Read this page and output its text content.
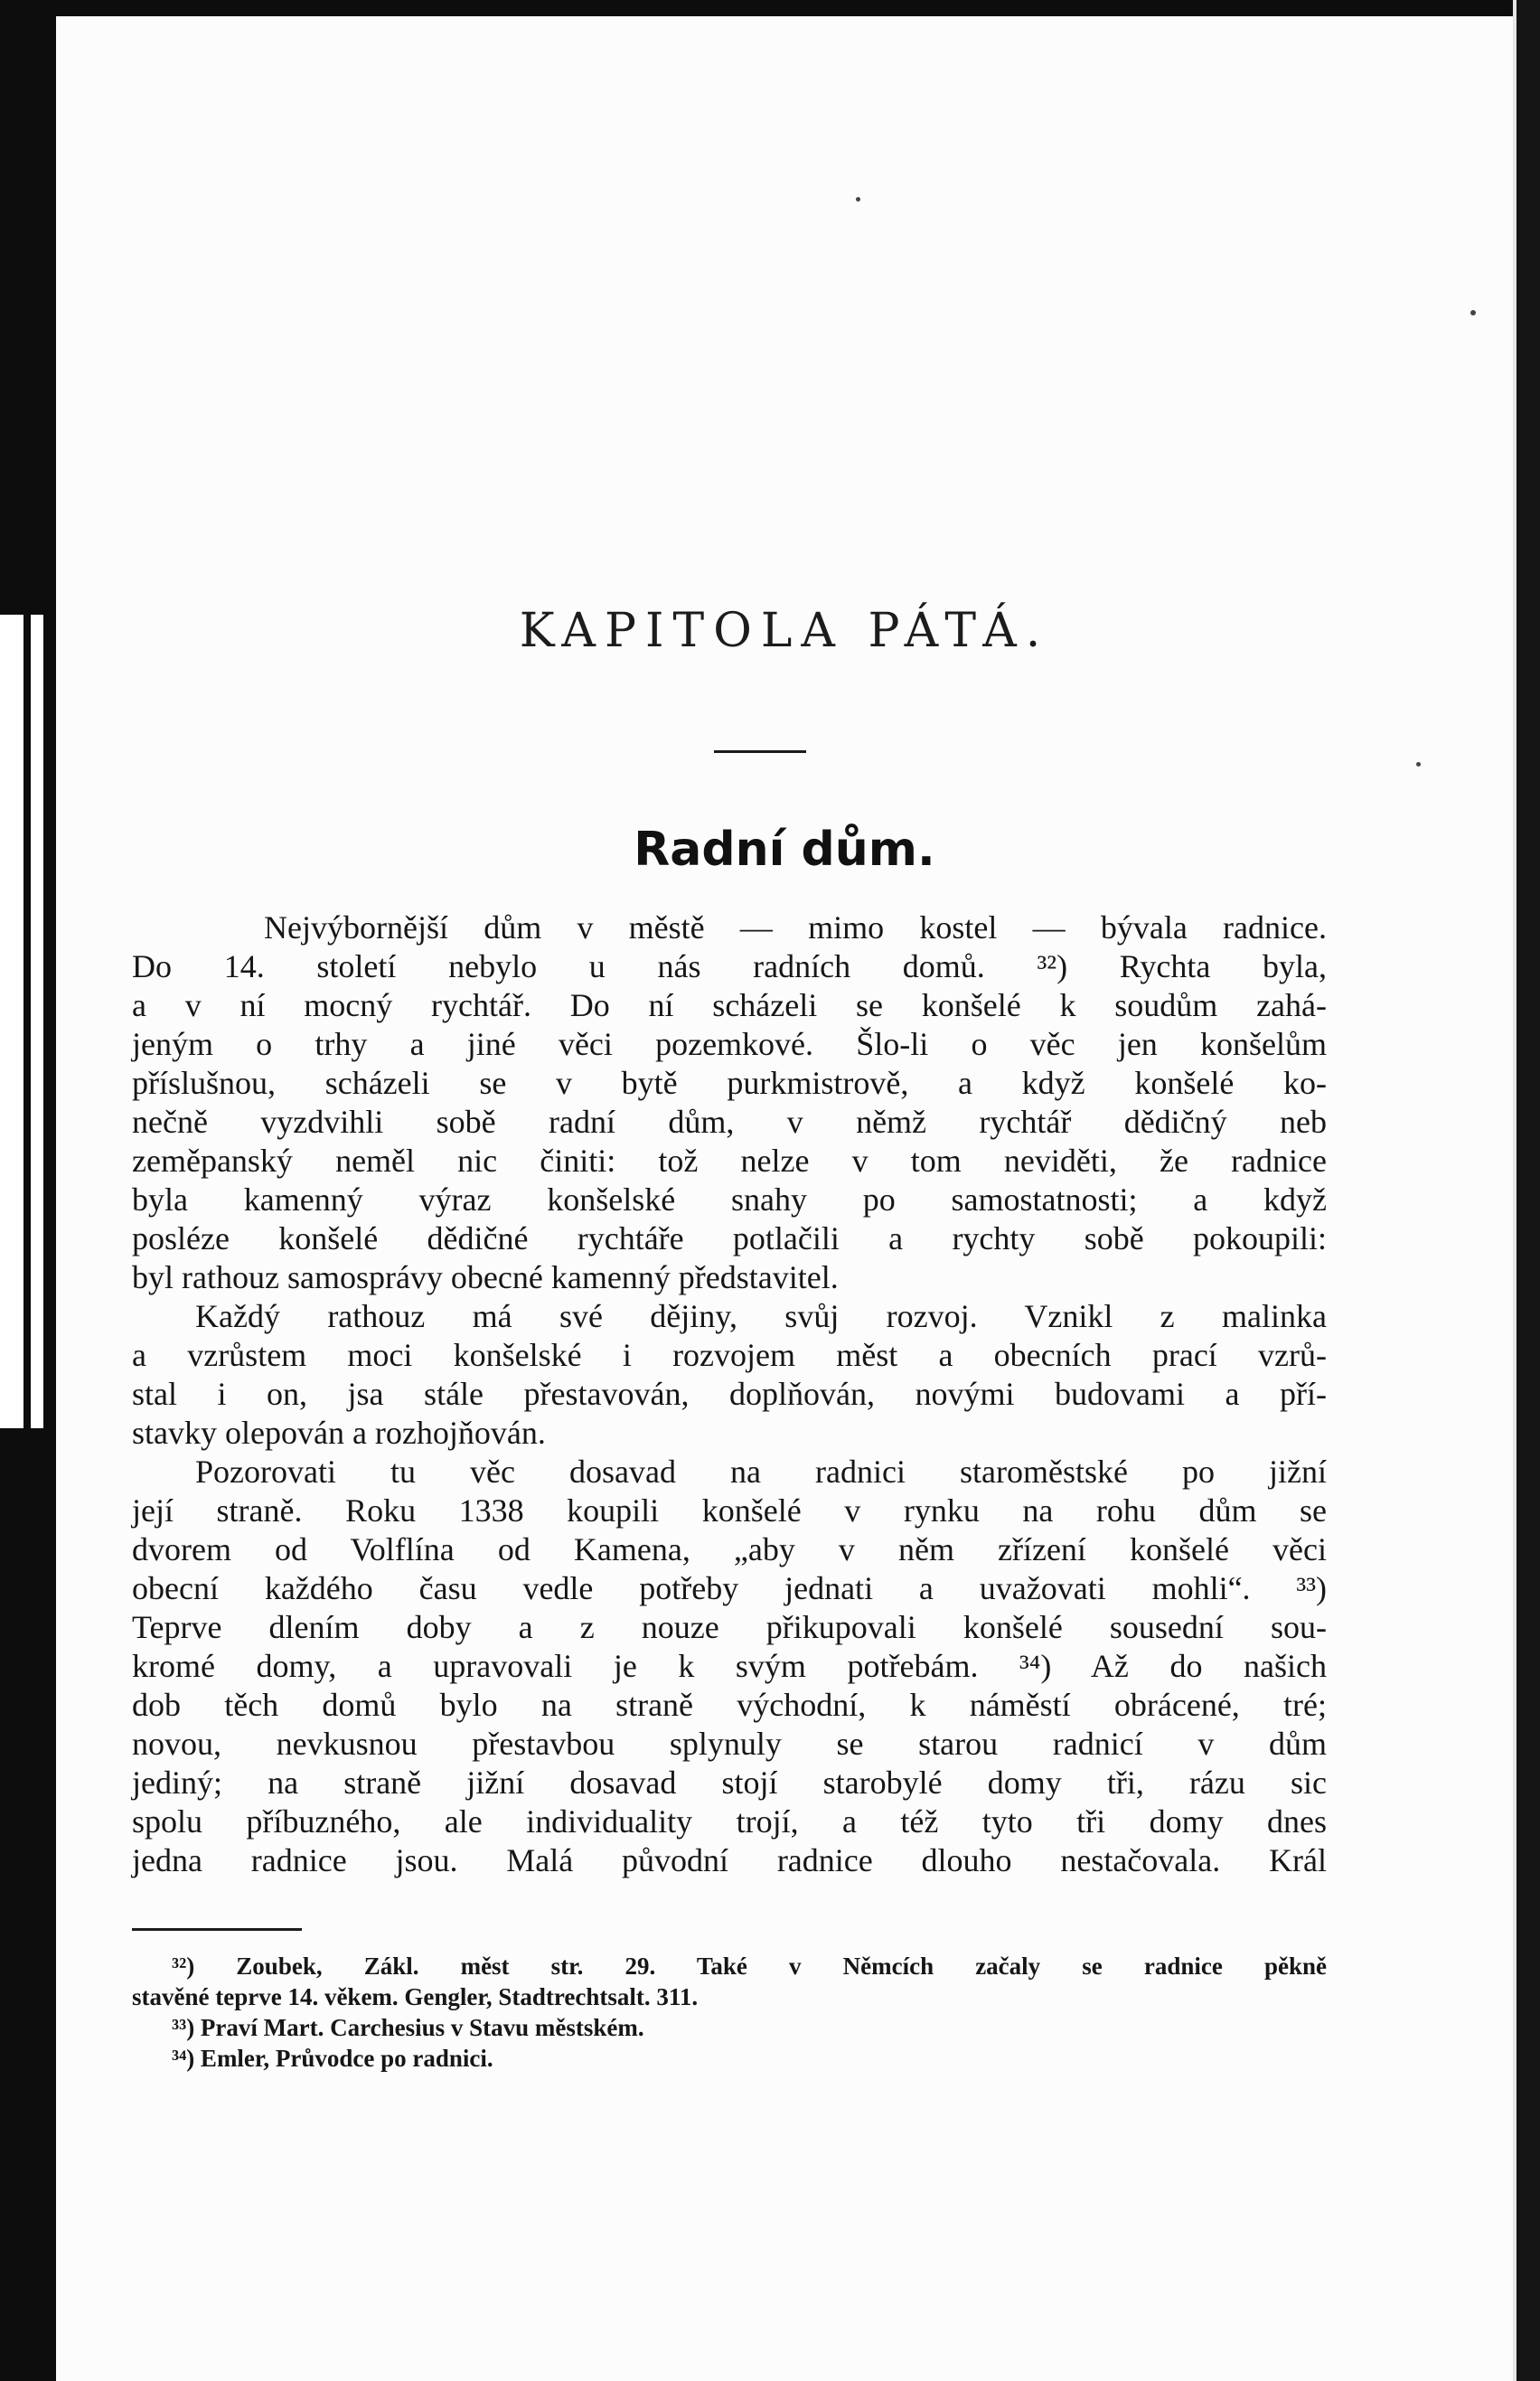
KAPITOLA PÁTÁ.
Radní dům.

Nejvýbornější dům v městě — mimo kostel — bývala radnice.
Do 14. století nebylo u nás radních domů. ³²) Rychta byla,
a v ní mocný rychtář. Do ní scházeli se konšelé k soudům zahá-
jeným o trhy a jiné věci pozemkové. Šlo-li o věc jen konšelům
příslušnou, scházeli se v bytě purkmistrově, a když konšelé ko-
nečně vyzdvihli sobě radní dům, v němž rychtář dědičný neb
zeměpanský neměl nic činiti: tož nelze v tom neviděti, že radnice
byla kamenný výraz konšelské snahy po samostatnosti; a když
posléze konšelé dědičné rychtáře potlačili a rychty sobě pokoupili:
byl rathouz samosprávy obecné kamenný představitel.

Každý rathouz má své dějiny, svůj rozvoj. Vznikl z malinka
a vzrůstem moci konšelské i rozvojem měst a obecních prací vzrů-
stal i on, jsa stále přestavován, doplňován, novými budovami a pří-
stavky olepován a rozhojňován.

Pozorovati tu věc dosavad na radnici staroměstské po jižní
její straně. Roku 1338 koupili konšelé v rynku na rohu dům se
dvorem od Volflína od Kamena, „aby v něm zřízení konšelé věci
obecní každého času vedle potřeby jednati a uvažovati mohli“. ³³)
Teprve dlením doby a z nouze přikupovali konšelé sousední sou-
kromé domy, a upravovali je k svým potřebám. ³⁴) Až do našich
dob těch domů bylo na straně východní, k náměstí obrácené, tré;
novou, nevkusnou přestavbou splynuly se starou radnicí v dům
jediný; na straně jižní dosavad stojí starobylé domy tři, rázu sic
spolu příbuzného, ale individuality trojí, a též tyto tři domy dnes
jedna radnice jsou. Malá původní radnice dlouho nestačovala. Král

³²) Zoubek, Zákl. měst str. 29. Také v Němcích začaly se radnice pěkně
stavěné teprve 14. věkem. Gengler, Stadtrechtsalt. 311.
³³) Praví Mart. Carchesius v Stavu městském.
³⁴) Emler, Průvodce po radnici.
